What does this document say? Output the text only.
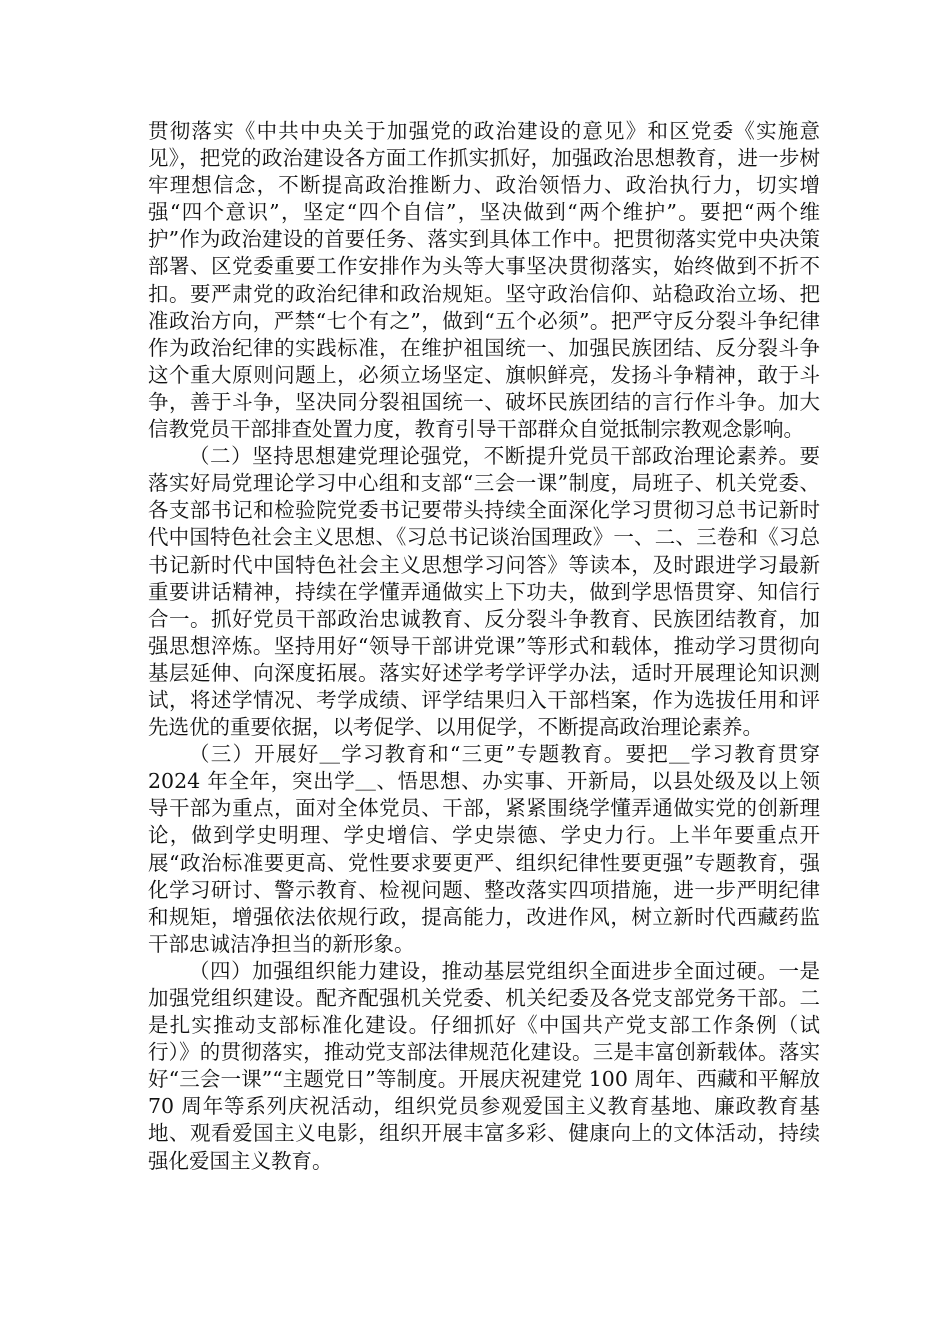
贯彻落实《中共中央关于加强党的政治建设的意见》和区党委《实施意见》，把党的政治建设各方面工作抓实抓好，加强政治思想教育，进一步树牢理想信念，不断提高政治推断力、政治领悟力、政治执行力，切实增强“四个意识”，坚定“四个自信”，坚决做到“两个维护”。要把“两个维护”作为政治建设的首要任务、落实到具体工作中。把贯彻落实党中央决策部署、区党委重要工作安排作为头等大事坚决贯彻落实，始终做到不折不扣。要严肃党的政治纪律和政治规矩。坚守政治信仰、站稳政治立场、把准政治方向，严禁“七个有之”，做到“五个必须”。把严守反分裂斗争纪律作为政治纪律的实践标准，在维护祖国统一、加强民族团结、反分裂斗争这个重大原则问题上，必须立场坚定、旗帜鲜亮，发扬斗争精神，敢于斗争，善于斗争，坚决同分裂祖国统一、破坏民族团结的言行作斗争。加大信教党员干部排查处置力度，教育引导干部群众自觉抵制宗教观念影响。

（二）坚持思想建党理论强党，不断提升党员干部政治理论素养。要落实好局党理论学习中心组和支部“三会一课”制度，局班子、机关党委、各支部书记和检验院党委书记要带头持续全面深化学习贯彻习总书记新时代中国特色社会主义思想、《习总书记谈治国理政》一、二、三卷和《习总书记新时代中国特色社会主义思想学习问答》等读本，及时跟进学习最新重要讲话精神，持续在学懂弄通做实上下功夫，做到学思悟贯穿、知信行合一。抓好党员干部政治忠诚教育、反分裂斗争教育、民族团结教育，加强思想淬炼。坚持用好“领导干部讲党课”等形式和载体，推动学习贯彻向基层延伸、向深度拓展。落实好述学考学评学办法，适时开展理论知识测试，将述学情况、考学成绩、评学结果归入干部档案，作为选拔任用和评先选优的重要依据，以考促学、以用促学，不断提高政治理论素养。

（三）开展好＿学习教育和“三更”专题教育。要把＿学习教育贯穿 2024 年全年，突出学＿、悟思想、办实事、开新局，以县处级及以上领导干部为重点，面对全体党员、干部，紧紧围绕学懂弄通做实党的创新理论，做到学史明理、学史增信、学史崇德、学史力行。上半年要重点开展“政治标准要更高、党性要求要更严、组织纪律性要更强”专题教育，强化学习研讨、警示教育、检视问题、整改落实四项措施，进一步严明纪律和规矩，增强依法依规行政，提高能力，改进作风，树立新时代西藏药监干部忠诚洁净担当的新形象。

（四）加强组织能力建设，推动基层党组织全面进步全面过硬。一是加强党组织建设。配齐配强机关党委、机关纪委及各党支部党务干部。二是扎实推动支部标准化建设。仔细抓好《中国共产党支部工作条例（试行）》的贯彻落实，推动党支部法律规范化建设。三是丰富创新载体。落实好“三会一课”“主题党日”等制度。开展庆祝建党 100 周年、西藏和平解放 70 周年等系列庆祝活动，组织党员参观爱国主义教育基地、廉政教育基地、观看爱国主义电影，组织开展丰富多彩、健康向上的文体活动，持续强化爱国主义教育。
